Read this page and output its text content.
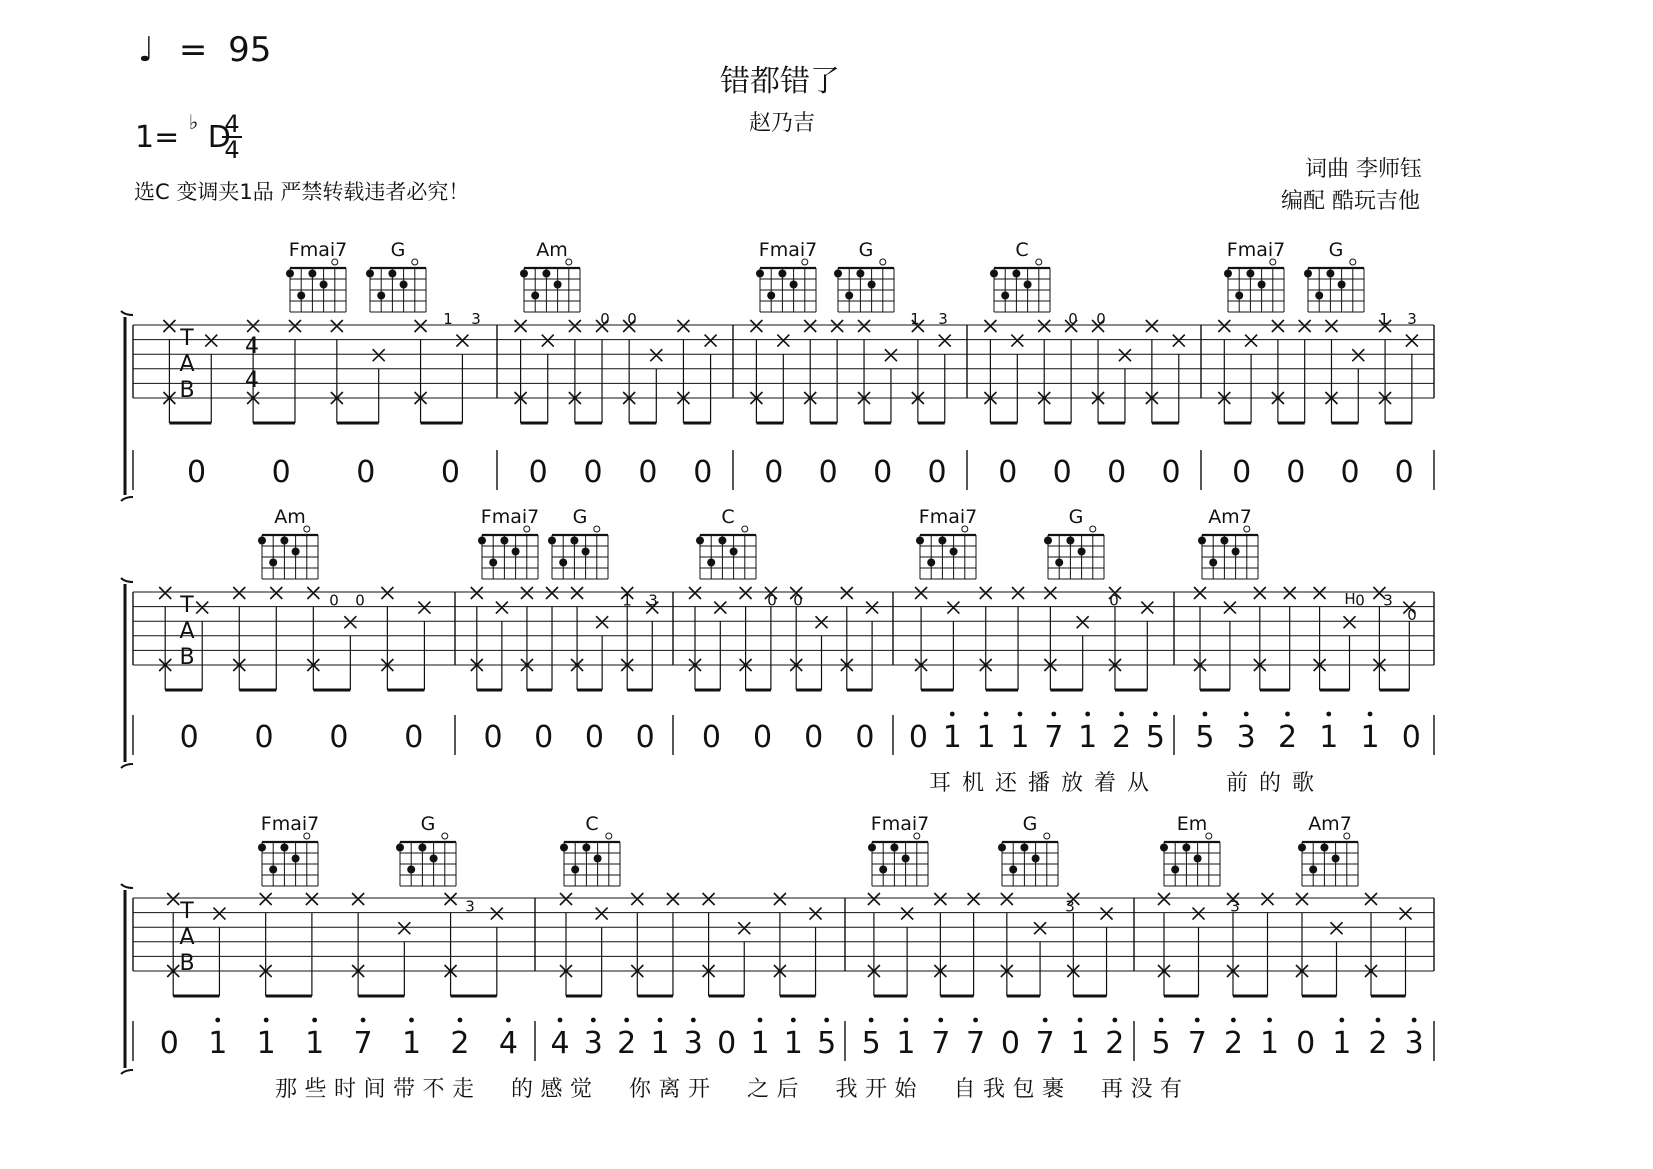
♩ = 95
错都错了
赵乃吉
1= ♭ D
4
4
选C 变调夹1品 严禁转载违者必究！
词曲 李师钰
编配 酷玩吉他
T
A
B
4
4
Fmai7 G	Am	Fmai7 G	C	Fmai7 G
1 3	0 0	1 3	0 0	1 3
0 0 0 0 0 0 0 0 0 0 0 0 0 0 0 0 0 0 0 0
T
A
B
Am	Fmai7 G	C	Fmai7	G	Am7
0 0	1 3	0	0 3
H
0
0 0
0 0 0 0 0 0 0 0 0 0 0 0 0 1 1 1 7 1 2 5 5 3 2 1 1 0
耳 机 还 播 放 着 从	前 的 歌
T
A
B
Fmai7	G	C	Fmai7	G	Em	Am7
3	3	3
0 1 1 1 7 1 2 4 4 3 2 1 3 0 1 1 5 5 1 7 7 0 7 1 2 5 7 2 1 0 1 2 3
那 些 时 间 带 不 走 的 感 觉 你 离 开 之 后 我 开 始 自 我 包 裹 再 没 有
